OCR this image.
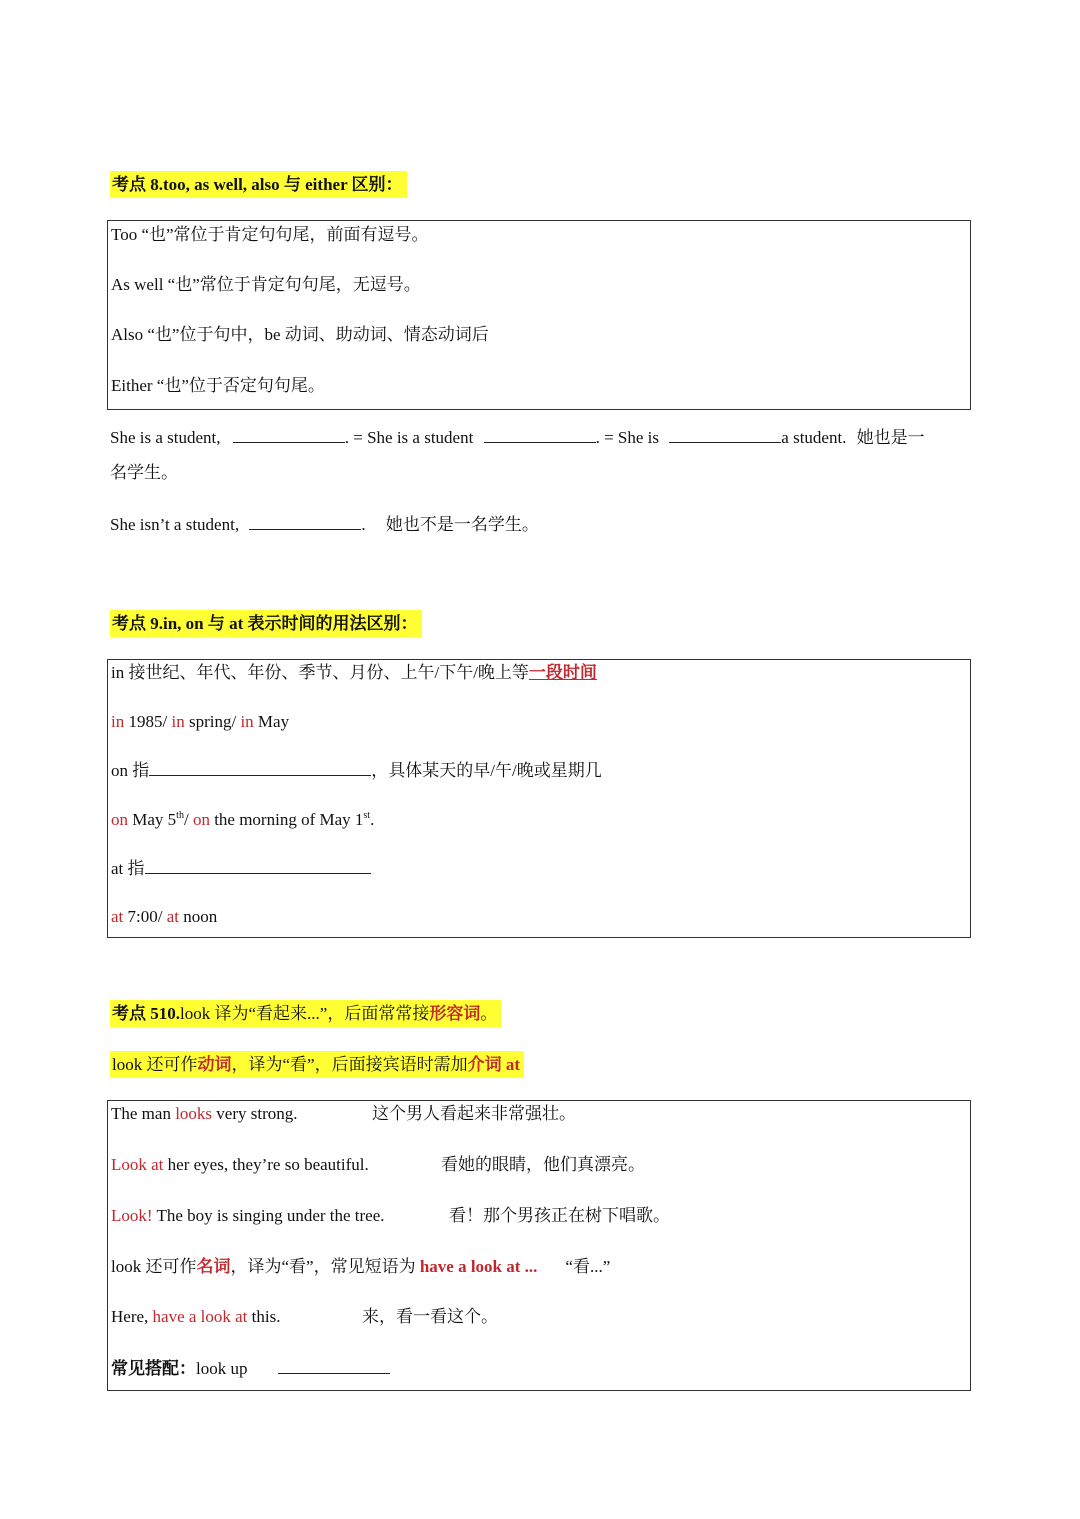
考点 8.too, as well, also 与 either 区别：
Too “也”常位于肯定句句尾，前面有逗号。
As well “也”常位于肯定句句尾，无逗号。
Also “也”位于句中，be 动词、助动词、情态动词后
Either “也”位于否定句句尾。
She is a student,	. = She is a student	. = She is	a student. 她也是一
名学生。
She isn’t a student,	. 她也不是一名学生。
考点 9.in, on 与 at 表示时间的用法区别：
in 接世纪、年代、年份、季节、月份、上午/下午/晚上等一段时间
in 1985/ in spring/ in May
on 指	，具体某天的早/午/晚或星期几
on May 5th/ on the morning of May 1st.
at 指
at 7:00/ at noon
考点 510.look 译为“看起来...”，后面常常接形容词。
look 还可作动词，译为“看”，后面接宾语时需加介词 at
The man looks very strong.	这个男人看起来非常强壮。
Look at her eyes, they’re so beautiful.	看她的眼睛，他们真漂亮。
Look! The boy is singing under the tree.	看！那个男孩正在树下唱歌。
look 还可作名词，译为“看”，常见短语为 have a look at ... “看...”
Here, have a look at this.	来，看一看这个。
常见搭配：look up
